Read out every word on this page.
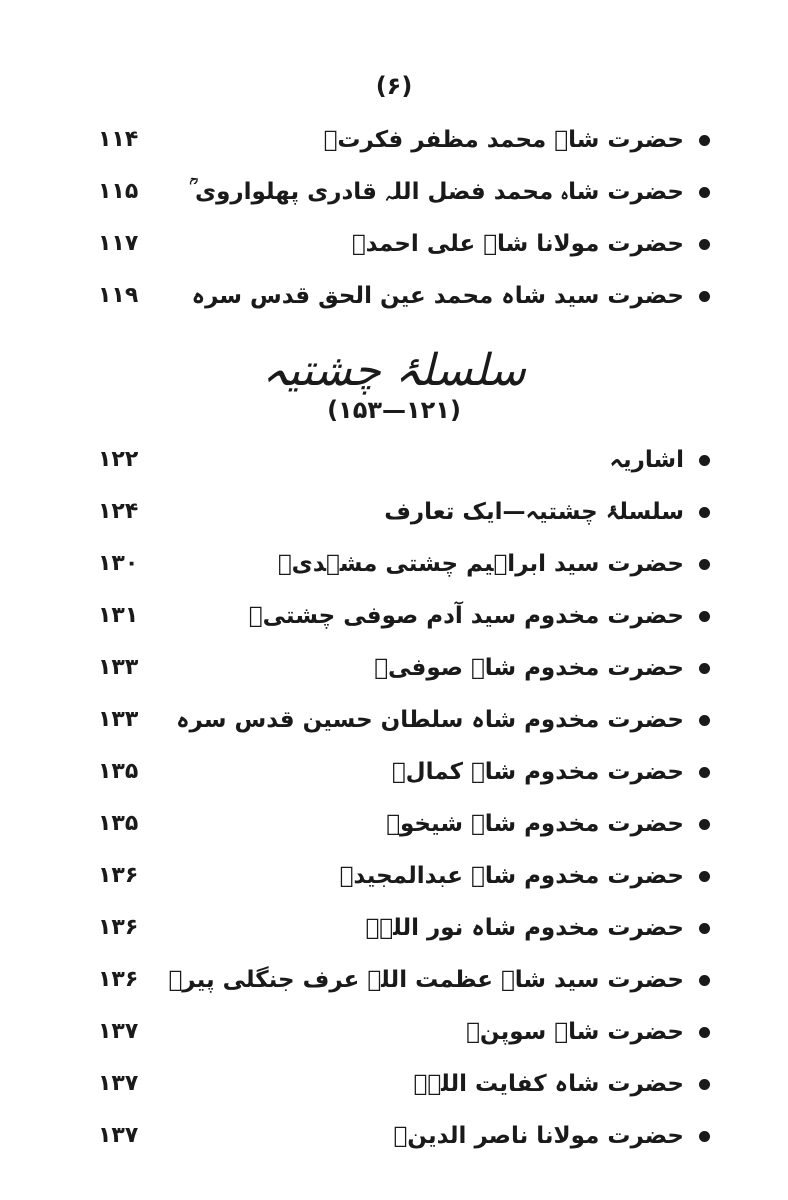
(۶)
حضرت شاہ محمد مظفر فکرتؒ
۱۱۴
حضرت شاہ محمد فضل اللہ قادری پھلواروی ؒ
۱۱۵
حضرت مولانا شاہ علی احمدؒ
۱۱۷
حضرت سید شاہ محمد عین الحق قدس سرہ
۱۱۹
سلسلۂ چشتیہ
(۱۲۱—۱۵۳)
اشاریہ
۱۲۲
سلسلۂ چشتیہ—ایک تعارف
۱۲۴
حضرت سید ابراہیم چشتی مشہدیؒ
۱۳۰
حضرت مخدوم سید آدم صوفی چشتیؒ
۱۳۱
حضرت مخدوم شاہ صوفیؒ
۱۳۳
حضرت مخدوم شاہ سلطان حسین قدس سرہ
۱۳۳
حضرت مخدوم شاہ کمالؒ
۱۳۵
حضرت مخدوم شاہ شیخوؒ
۱۳۵
حضرت مخدوم شاہ عبدالمجیدؒ
۱۳۶
حضرت مخدوم شاہ نور اللہؒ
۱۳۶
حضرت سید شاہ عظمت اللہ عرف جنگلی پیرؒ
۱۳۶
حضرت شاہ سوپنؒ
۱۳۷
حضرت شاہ کفایت اللہؒ
۱۳۷
حضرت مولانا ناصر الدینؒ
۱۳۷
